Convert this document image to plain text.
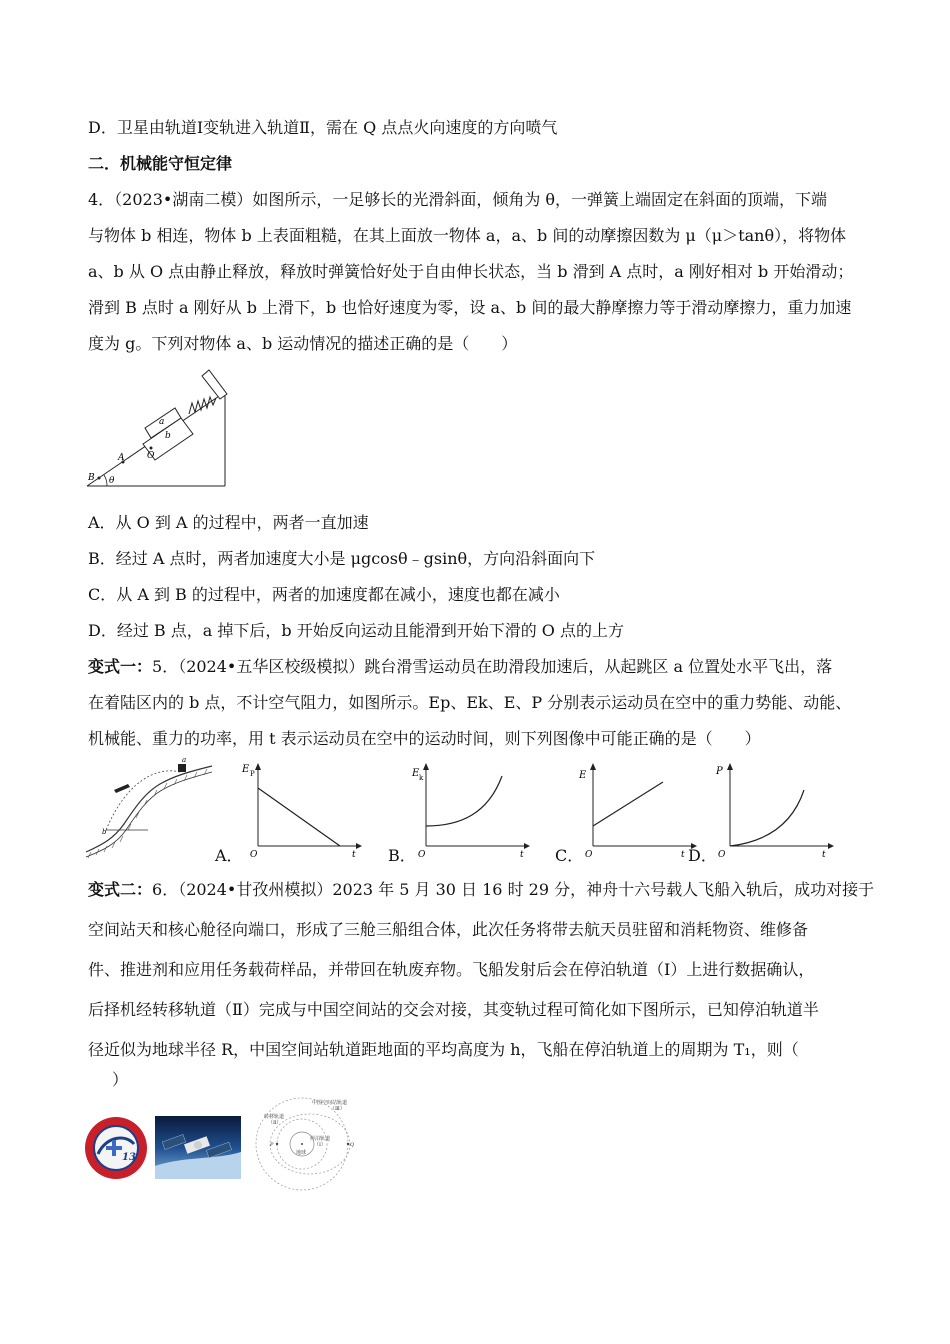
D．卫星由轨道Ⅰ变轨进入轨道Ⅱ，需在 Q 点点火向速度的方向喷气
二．机械能守恒定律
4．（2023•湖南二模）如图所示，一足够长的光滑斜面，倾角为 θ，一弹簧上端固定在斜面的顶端，下端
与物体 b 相连，物体 b 上表面粗糙，在其上面放一物体 a，a、b 间的动摩擦因数为 μ（μ＞tanθ），将物体
a、b 从 O 点由静止释放，释放时弹簧恰好处于自由伸长状态，当 b 滑到 A 点时，a 刚好相对 b 开始滑动；
滑到 B 点时 a 刚好从 b 上滑下，b 也恰好速度为零，设 a、b 间的最大静摩擦力等于滑动摩擦力，重力加速
度为 g。下列对物体 a、b 运动情况的描述正确的是（　　）
a
b
O
A
B θ
A．从 O 到 A 的过程中，两者一直加速
B．经过 A 点时，两者加速度大小是 μgcosθ﹣gsinθ，方向沿斜面向下
C．从 A 到 B 的过程中，两者的加速度都在减小，速度也都在减小
D．经过 B 点，a 掉下后，b 开始反向运动且能滑到开始下滑的 O 点的上方
变式一：5．（2024•五华区校级模拟）跳台滑雪运动员在助滑段加速后，从起跳区 a 位置处水平飞出，落
在着陆区内的 b 点，不计空气阻力，如图所示。Ep、Ek、E、P 分别表示运动员在空中的重力势能、动能、
机械能、重力的功率，用 t 表示运动员在空中的运动时间，则下列图像中可能正确的是（　　）
a
b
A．
E P
O	t B．
E k
O	t C．
E
O	t D．
P
O	t
变式二：6．（2024•甘孜州模拟）2023 年 5 月 30 日 16 时 29 分，神舟十六号载人飞船入轨后，成功对接于
空间站天和核心舱径向端口，形成了三舱三船组合体，此次任务将带去航天员驻留和消耗物资、维修备
件、推进剂和应用任务载荷样品，并带回在轨废弃物。飞船发射后会在停泊轨道（Ⅰ）上进行数据确认，
后择机经转移轨道（Ⅱ）完成与中国空间站的交会对接，其变轨过程可简化如下图所示，已知停泊轨道半
径近似为地球半径 R，中国空间站轨道距地面的平均高度为 h，飞船在停泊轨道上的周期为 T₁，则（
　）
13
中国空间站轨道
（Ⅲ）
转移轨道
（Ⅱ）
停泊轨道
（Ⅰ）
地球
P	Q
